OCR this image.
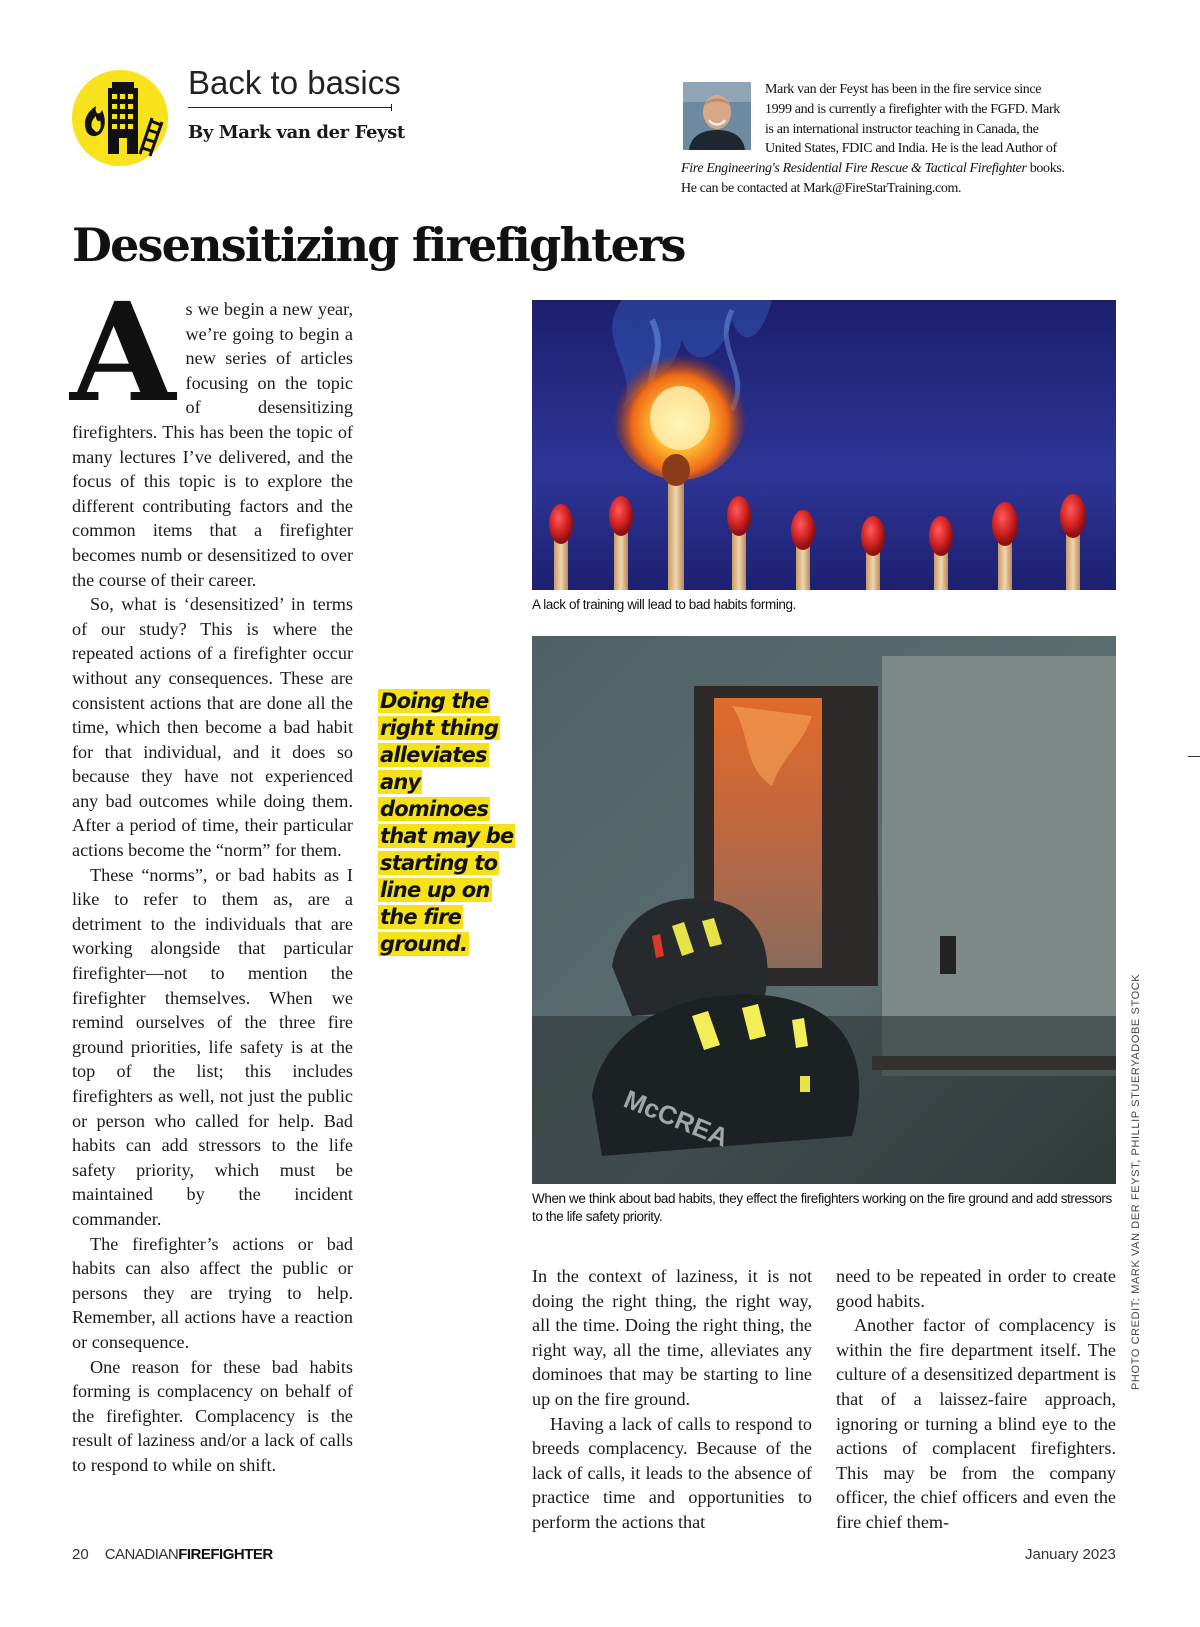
Back to basics
By Mark van der Feyst
Mark van der Feyst has been in the fire service since
1999 and is currently a firefighter with the FGFD. Mark
is an international instructor teaching in Canada, the
United States, FDIC and India. He is the lead Author of
Fire Engineering's Residential Fire Rescue & Tactical Firefighter books.
He can be contacted at Mark@FireStarTraining.com.
Desensitizing firefighters
A s we begin a new year, we’re going to begin a new series of articles focusing on the topic of desensitizing firefighters. This has been the topic of many lectures I’ve delivered, and the focus of this topic is to explore the different contributing factors and the common items that a firefighter becomes numb or desensitized to over the course of their career.

So, what is ‘desensitized’ in terms of our study? This is where the repeated actions of a firefighter occur without any consequences. These are consistent actions that are done all the time, which then become a bad habit for that individual, and it does so because they have not experienced any bad outcomes while doing them. After a period of time, their particular actions become the “norm” for them.

These “norms”, or bad habits as I like to refer to them as, are a detriment to the individuals that are working alongside that particular firefighter—not to mention the firefighter themselves. When we remind ourselves of the three fire ground priorities, life safety is at the top of the list; this includes firefighters as well, not just the public or person who called for help. Bad habits can add stressors to the life safety priority, which must be maintained by the incident commander.

The firefighter’s actions or bad habits can also affect the public or persons they are trying to help. Remember, all actions have a reaction or consequence.

One reason for these bad habits forming is complacency on behalf of the firefighter. Complacency is the result of laziness and/or a lack of calls to respond to while on shift.

Doing the right thing alleviates any dominoes that may be starting to line up on the fire ground.
A lack of training will lead to bad habits forming.
McCREA
When we think about bad habits, they effect the firefighters working on the fire ground and add stressors to the life safety priority.

In the context of laziness, it is not doing the right thing, the right way, all the time. Doing the right thing, the right way, all the time, alleviates any dominoes that may be starting to line up on the fire ground.

Having a lack of calls to respond to breeds complacency. Because of the lack of calls, it leads to the absence of practice time and opportunities to perform the actions that

need to be repeated in order to create good habits.

Another factor of complacency is within the fire department itself. The culture of a desensitized department is that of a laissez-faire approach, ignoring or turning a blind eye to the actions of complacent firefighters. This may be from the company officer, the chief officers and even the fire chief them-

PHOTO CREDIT: MARK VAN DER FEYST, PHILLIP STUERYADOBE STOCK
20 CANADIANFIREFIGHTER	January 2023
